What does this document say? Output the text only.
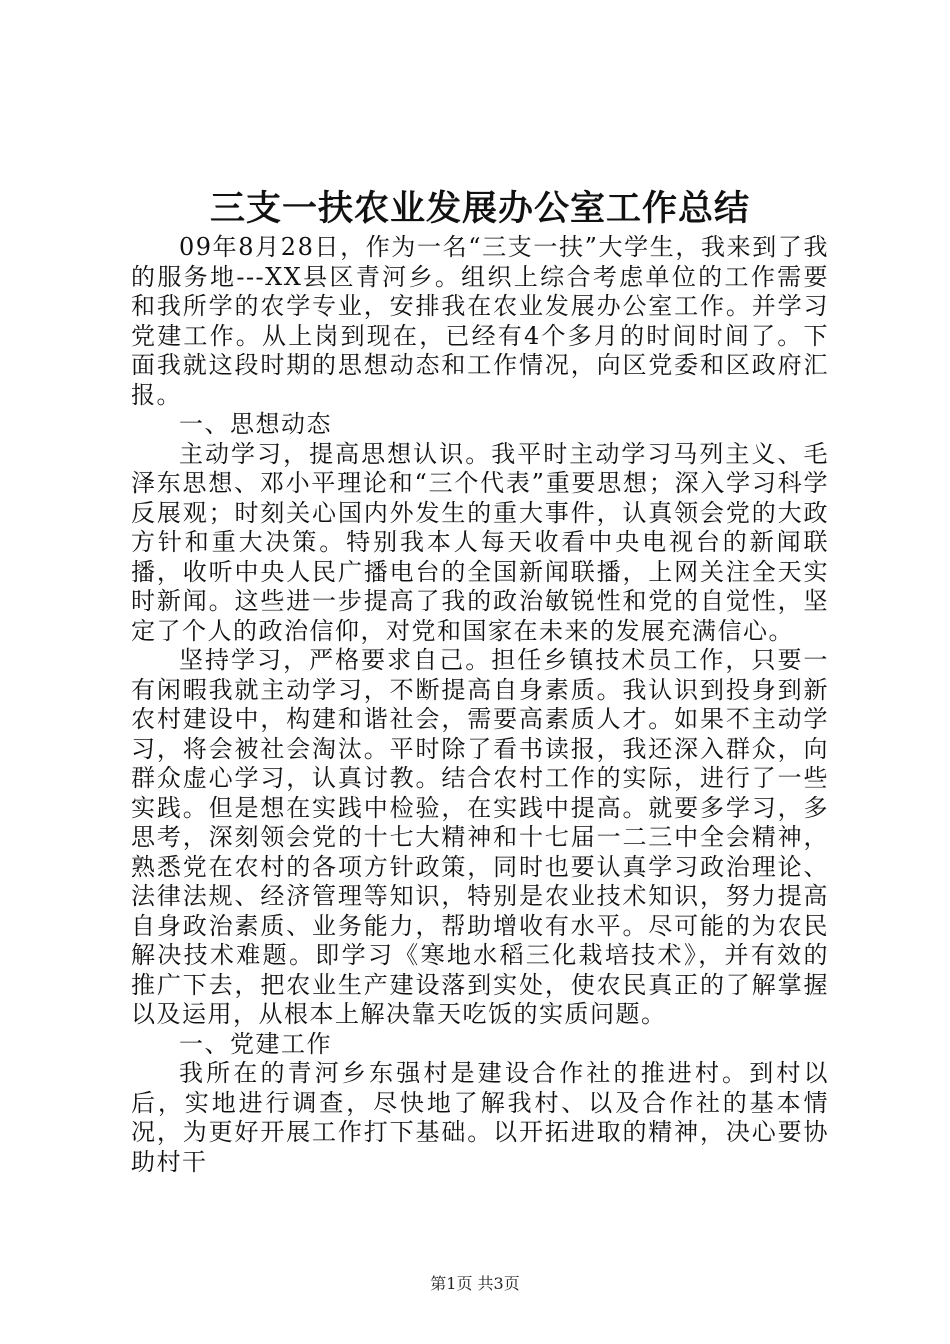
三支一扶农业发展办公室工作总结

09年8月28日，作为一名“三支一扶”大学生，我来到了我的服务地---XX县区青河乡。组织上综合考虑单位的工作需要和我所学的农学专业，安排我在农业发展办公室工作。并学习党建工作。从上岗到现在，已经有4个多月的时间时间了。下面我就这段时期的思想动态和工作情况，向区党委和区政府汇报。

一、思想动态

主动学习，提高思想认识。我平时主动学习马列主义、毛泽东思想、邓小平理论和“三个代表”重要思想；深入学习科学反展观；时刻关心国内外发生的重大事件，认真领会党的大政方针和重大决策。特别我本人每天收看中央电视台的新闻联播，收听中央人民广播电台的全国新闻联播，上网关注全天实时新闻。这些进一步提高了我的政治敏锐性和党的自觉性，坚定了个人的政治信仰，对党和国家在未来的发展充满信心。

坚持学习，严格要求自己。担任乡镇技术员工作，只要一有闲暇我就主动学习，不断提高自身素质。我认识到投身到新农村建设中，构建和谐社会，需要高素质人才。如果不主动学习，将会被社会淘汰。平时除了看书读报，我还深入群众，向群众虚心学习，认真讨教。结合农村工作的实际，进行了一些实践。但是想在实践中检验，在实践中提高。就要多学习，多思考，深刻领会党的十七大精神和十七届一二三中全会精神，熟悉党在农村的各项方针政策，同时也要认真学习政治理论、法律法规、经济管理等知识，特别是农业技术知识，努力提高自身政治素质、业务能力，帮助增收有水平。尽可能的为农民解决技术难题。即学习《寒地水稻三化栽培技术》，并有效的推广下去，把农业生产建设落到实处，使农民真正的了解掌握以及运用，从根本上解决靠天吃饭的实质问题。

一、党建工作

我所在的青河乡东强村是建设合作社的推进村。到村以后，实地进行调查，尽快地了解我村、以及合作社的基本情况，为更好开展工作打下基础。以开拓进取的精神，决心要协助村干

第1页 共3页
